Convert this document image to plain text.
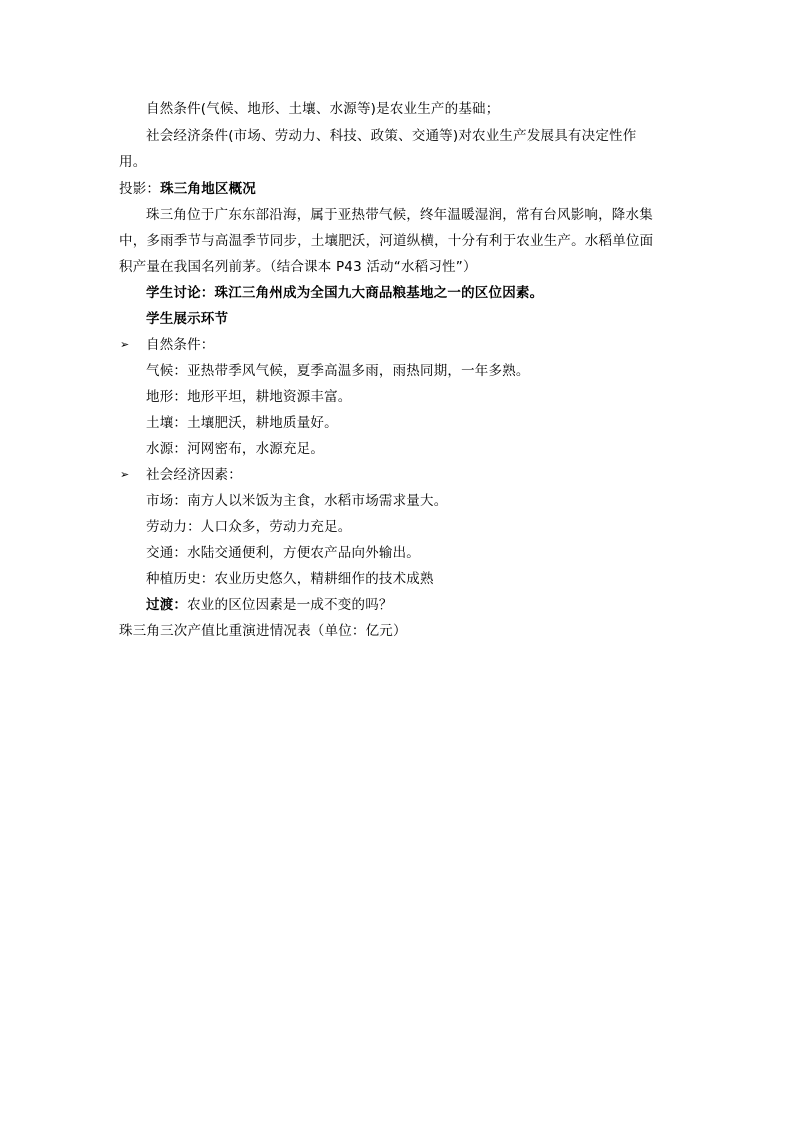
自然条件(气候、地形、土壤、水源等)是农业生产的基础；
社会经济条件(市场、劳动力、科技、政策、交通等)对农业生产发展具有决定性作
用。
投影：珠三角地区概况
珠三角位于广东东部沿海，属于亚热带气候，终年温暖湿润，常有台风影响，降水集
中，多雨季节与高温季节同步，土壤肥沃，河道纵横，十分有利于农业生产。水稻单位面
积产量在我国名列前茅。（结合课本 P43 活动“水稻习性”）
学生讨论：珠江三角州成为全国九大商品粮基地之一的区位因素。
学生展示环节
➢ 自然条件：
气候：亚热带季风气候，夏季高温多雨，雨热同期，一年多熟。
地形：地形平坦，耕地资源丰富。
土壤：土壤肥沃，耕地质量好。
水源：河网密布，水源充足。
➢ 社会经济因素：
市场：南方人以米饭为主食，水稻市场需求量大。
劳动力：人口众多，劳动力充足。
交通：水陆交通便利，方便农产品向外输出。
种植历史：农业历史悠久，精耕细作的技术成熟
过渡：农业的区位因素是一成不变的吗？
珠三角三次产值比重演进情况表（单位：亿元）
